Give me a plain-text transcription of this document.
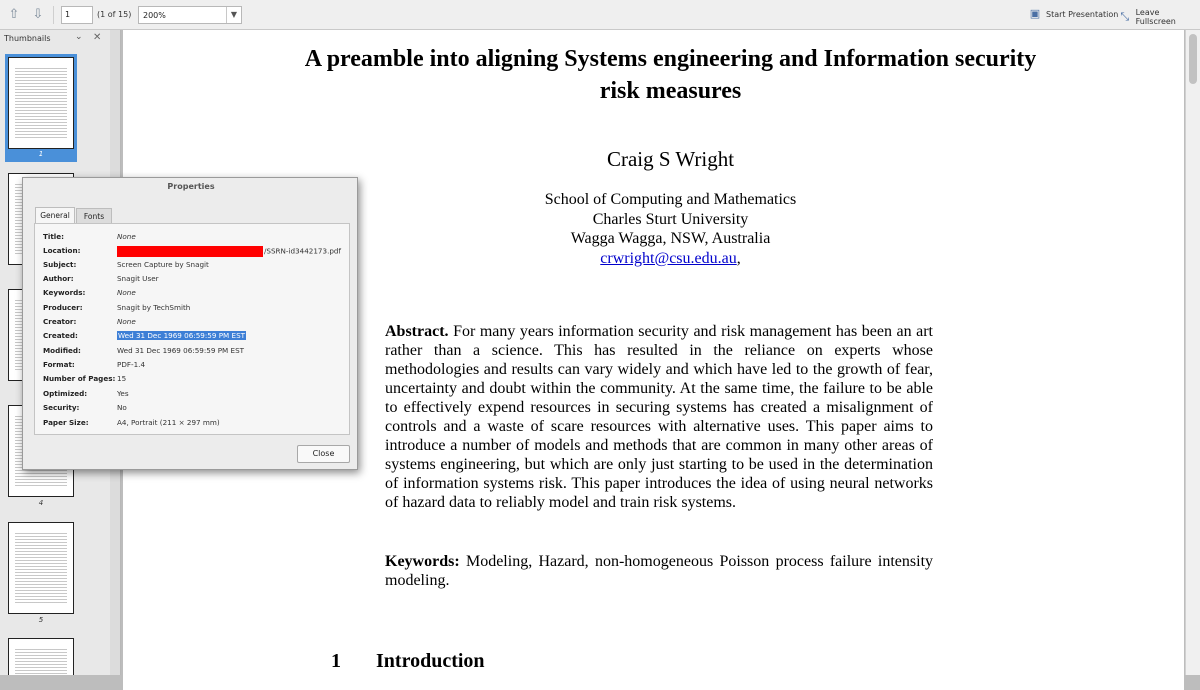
⇧ ⇩	1	(1 of 15) 200%	▼	▣ Start Presentation ⤡ Leave Fullscreen
Thumbnails	⌄ ✕
1
4
5
A preamble into aligning Systems engineering and Information security risk measures
Craig S Wright
School of Computing and Mathematics
Charles Sturt University
Wagga Wagga, NSW, Australia
crwright@csu.edu.au,
Abstract. For many years information security and risk management has been an art rather than a science. This has resulted in the reliance on experts whose methodologies and results can vary widely and which have led to the growth of fear, uncertainty and doubt within the community. At the same time, the failure to be able to effectively expend resources in securing systems has created a misalignment of controls and a waste of scare resources with alternative uses. This paper aims to introduce a number of models and methods that are common in many other areas of systems engineering, but which are only just starting to be used in the determination of information systems risk. This paper introduces the idea of using neural networks of hazard data to reliably model and train risk systems.
Keywords: Modeling, Hazard, non-homogeneous Poisson process failure intensity modeling.
1 Introduction
Properties
General	Fonts
Title:	None
Location:	/SSRN-id3442173.pdf
Subject:	Screen Capture by Snagit
Author:	Snagit User
Keywords:	None
Producer:	Snagit by TechSmith
Creator:	None
Created:	Wed 31 Dec 1969 06:59:59 PM EST
Modified:	Wed 31 Dec 1969 06:59:59 PM EST
Format:	PDF-1.4
Number of Pages: 15
Optimized:	Yes
Security:	No
Paper Size:	A4, Portrait (211 × 297 mm)
Close
